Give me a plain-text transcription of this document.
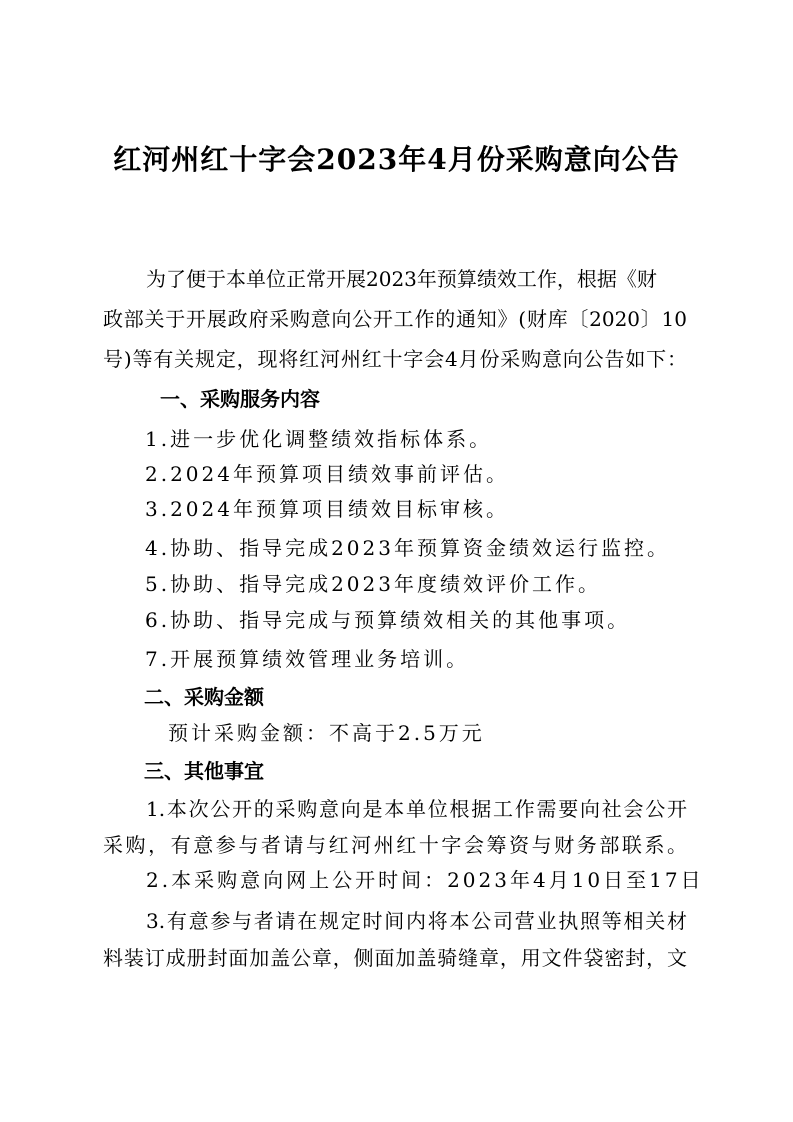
红河州红十字会2023年4月份采购意向公告
为了便于本单位正常开展2023年预算绩效工作，根据《财
政部关于开展政府采购意向公开工作的通知》(财库〔2020〕10
号)等有关规定，现将红河州红十字会4月份采购意向公告如下：
一、采购服务内容
1.进一步优化调整绩效指标体系。
2.2024年预算项目绩效事前评估。
3.2024年预算项目绩效目标审核。
4.协助、指导完成2023年预算资金绩效运行监控。
5.协助、指导完成2023年度绩效评价工作。
6.协助、指导完成与预算绩效相关的其他事项。
7.开展预算绩效管理业务培训。
二、采购金额
预计采购金额：不高于2.5万元
三、其他事宜
1.本次公开的采购意向是本单位根据工作需要向社会公开
采购，有意参与者请与红河州红十字会筹资与财务部联系。
2.本采购意向网上公开时间：2023年4月10日至17日
3.有意参与者请在规定时间内将本公司营业执照等相关材
料装订成册封面加盖公章，侧面加盖骑缝章，用文件袋密封，文
